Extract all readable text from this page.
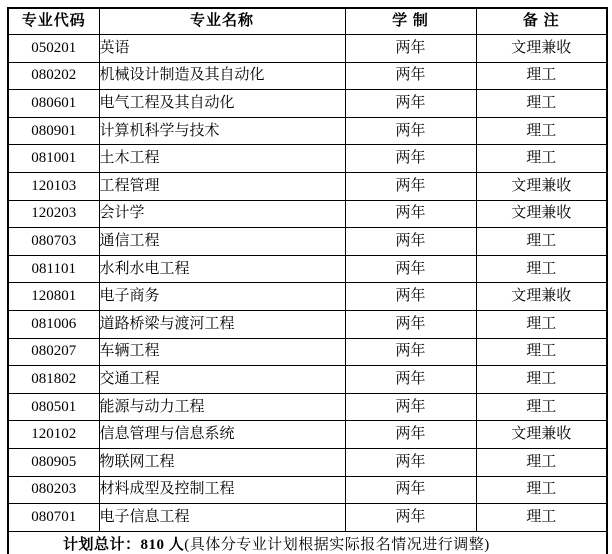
专业代码	专业名称	学 制	备 注
050201	英语	两年	文理兼收
080202	机械设计制造及其自动化	两年	理工
080601	电气工程及其自动化	两年	理工
080901	计算机科学与技术	两年	理工
081001	土木工程	两年	理工
120103	工程管理	两年	文理兼收
120203	会计学	两年	文理兼收
080703	通信工程	两年	理工
081101	水利水电工程	两年	理工
120801	电子商务	两年	文理兼收
081006	道路桥梁与渡河工程	两年	理工
080207	车辆工程	两年	理工
081802	交通工程	两年	理工
080501	能源与动力工程	两年	理工
120102	信息管理与信息系统	两年	文理兼收
080905	物联网工程	两年	理工
080203	材料成型及控制工程	两年	理工
080701	电子信息工程	两年	理工
计划总计：810 人(具体分专业计划根据实际报名情况进行调整)			
